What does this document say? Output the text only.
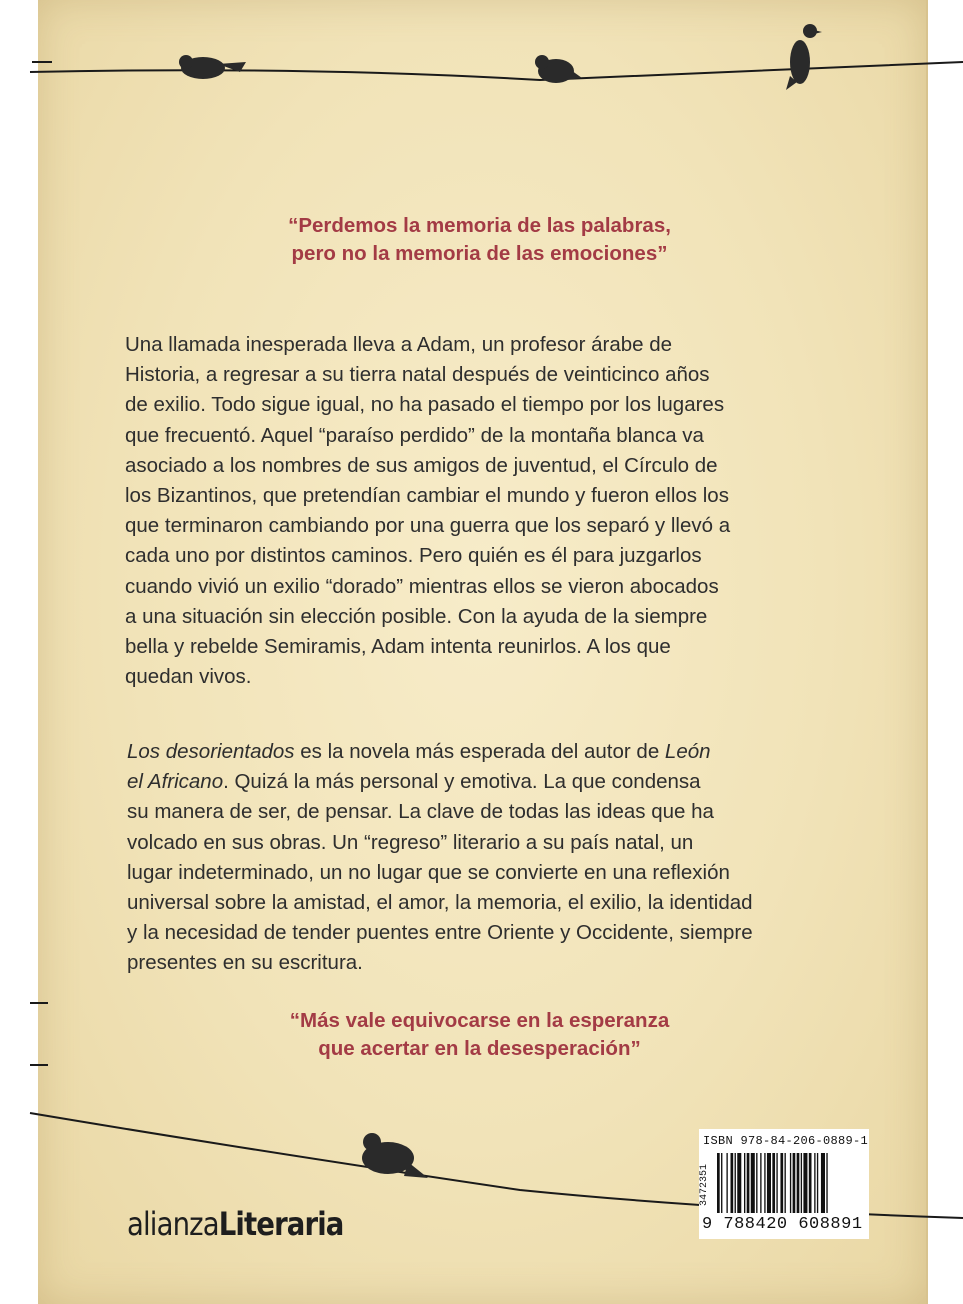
“Perdemos la memoria de las palabras,
pero no la memoria de las emociones”
Una llamada inesperada lleva a Adam, un profesor árabe de
Historia, a regresar a su tierra natal después de veinticinco años
de exilio. Todo sigue igual, no ha pasado el tiempo por los lugares
que frecuentó. Aquel “paraíso perdido” de la montaña blanca va
asociado a los nombres de sus amigos de juventud, el Círculo de
los Bizantinos, que pretendían cambiar el mundo y fueron ellos los
que terminaron cambiando por una guerra que los separó y llevó a
cada uno por distintos caminos. Pero quién es él para juzgarlos
cuando vivió un exilio “dorado” mientras ellos se vieron abocados
a una situación sin elección posible. Con la ayuda de la siempre
bella y rebelde Semiramis, Adam intenta reunirlos. A los que
quedan vivos.
Los desorientados es la novela más esperada del autor de León
el Africano. Quizá la más personal y emotiva. La que condensa
su manera de ser, de pensar. La clave de todas las ideas que ha
volcado en sus obras. Un “regreso” literario a su país natal, un
lugar indeterminado, un no lugar que se convierte en una reflexión
universal sobre la amistad, el amor, la memoria, el exilio, la identidad
y la necesidad de tender puentes entre Oriente y Occidente, siempre
presentes en su escritura.
“Más vale equivocarse en la esperanza
que acertar en la desesperación”
alianzaLiteraria
ISBN 978-84-206-0889-1
3472351
9 788420 608891
